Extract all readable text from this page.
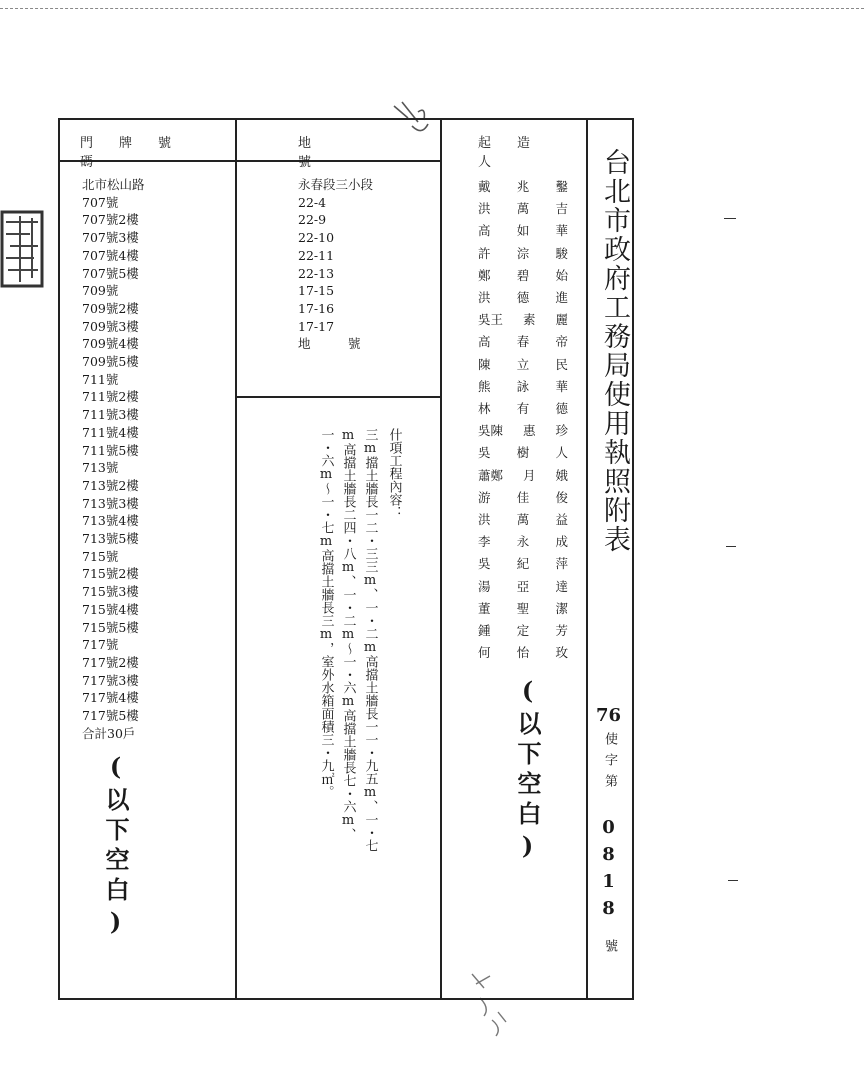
門牌號碼
地號
起造人
北市松山路
707號
707號2樓
707號3樓
707號4樓
707號5樓
709號
709號2樓
709號3樓
709號4樓
709號5樓
711號
711號2樓
711號3樓
711號4樓
711號5樓
713號
713號2樓
713號3樓
713號4樓
713號5樓
715號
715號2樓
715號3樓
715號4樓
715號5樓
717號
717號2樓
717號3樓
717號4樓
717號5樓
合計30戶
(以下空白)
永春段三小段
22-4
22-9
22-10
22-11
22-13
17-15
17-16
17-17
地　　　號
什項工程內容：
三m擋土牆長一二・三三m、一・二m高擋土牆長一一・九五m、一・七
m高擋土牆長二四・八m、一・二m〜一・六m高擋土牆長七・六m、
一・六m〜一・七m高擋土牆長三m，室外水箱面積三・九㎡。
戴 兆 鑿
洪 萬 吉
高 如 華
許 淙 駿
鄭 碧 始
洪 德 進
吳王 素 麗
高 春 帝
陳 立 民
熊 詠 華
林 有 德
吳陳 惠 珍
吳 樹 人
蕭鄭 月 娥
游 佳 俊
洪 萬 益
李 永 成
吳 紀 萍
湯 亞 達
董 聖 潔
鍾 定 芳
何 怡 玫
(以下空白)
台北市政府工務局使用執照附表
76
使字第
0818
號
